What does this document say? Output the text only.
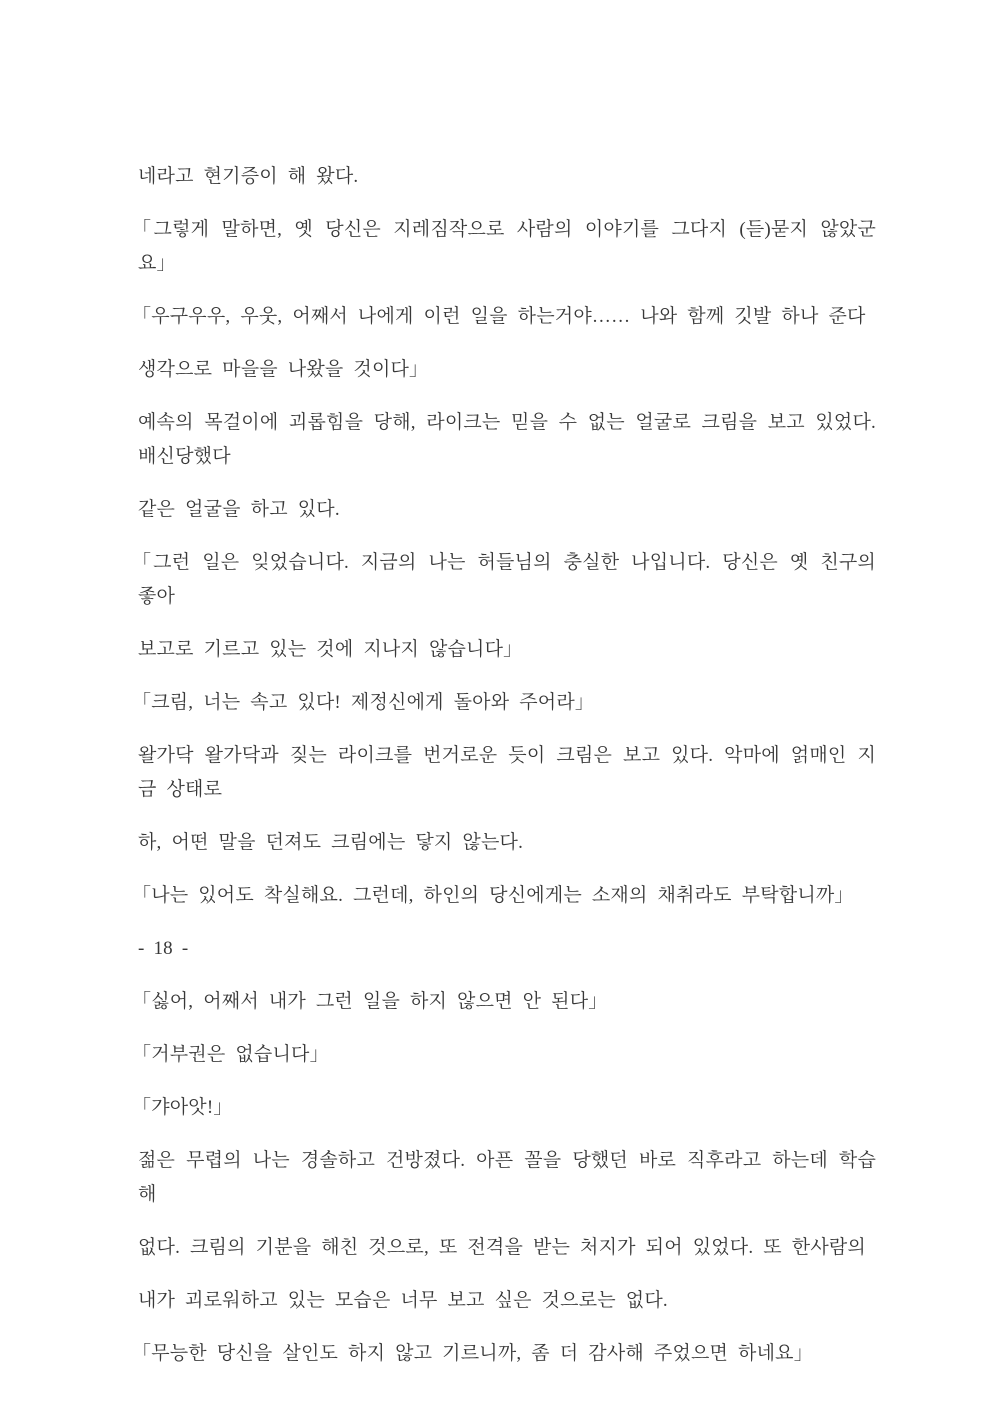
네라고 현기증이 해 왔다.

「그렇게 말하면, 옛 당신은 지레짐작으로 사람의 이야기를 그다지 (듣)묻지 않았군요」

「우구우우, 우웃, 어째서 나에게 이런 일을 하는거야…… 나와 함께 깃발 하나 준다

생각으로 마을을 나왔을 것이다」

예속의 목걸이에 괴롭힘을 당해, 라이크는 믿을 수 없는 얼굴로 크림을 보고 있었다. 배신당했다

같은 얼굴을 하고 있다.

「그런 일은 잊었습니다. 지금의 나는 허들님의 충실한 나입니다. 당신은 옛 친구의 좋아

보고로 기르고 있는 것에 지나지 않습니다」

「크림, 너는 속고 있다! 제정신에게 돌아와 주어라」

왈가닥 왈가닥과 짖는 라이크를 번거로운 듯이 크림은 보고 있다. 악마에 얽매인 지금 상태로

하, 어떤 말을 던져도 크림에는 닿지 않는다.

「나는 있어도 착실해요. 그런데, 하인의 당신에게는 소재의 채취라도 부탁합니까」

- 18 -

「싫어, 어째서 내가 그런 일을 하지 않으면 안 된다」

「거부권은 없습니다」

「갸아앗!」

젊은 무렵의 나는 경솔하고 건방졌다. 아픈 꼴을 당했던 바로 직후라고 하는데 학습해

없다. 크림의 기분을 해친 것으로, 또 전격을 받는 처지가 되어 있었다. 또 한사람의

내가 괴로워하고 있는 모습은 너무 보고 싶은 것으로는 없다.

「무능한 당신을 살인도 하지 않고 기르니까, 좀 더 감사해 주었으면 하네요」
